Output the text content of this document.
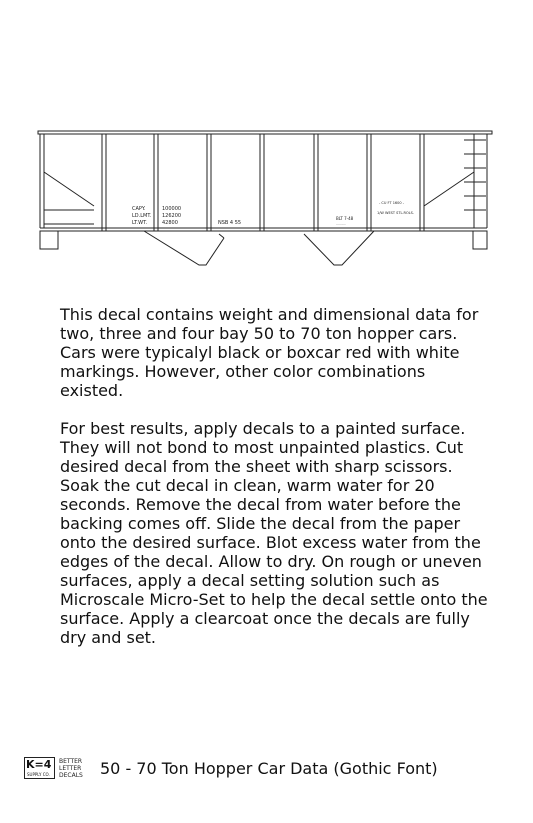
CAPY.
LD.LMT.
LT.WT.
100000
126200
42800	NSB 4 55
BLT 7-48
..........
- CU FT 1600 -
1/W WEST STL.ROLS.

This decal contains weight and dimensional data for two, three and four bay 50 to 70 ton hopper cars. Cars were typicalyl black or boxcar red with white markings. However, other color combinations existed.

For best results, apply decals to a painted surface. They will not bond to most unpainted plastics. Cut desired decal from the sheet with sharp scissors. Soak the cut decal in clean, warm water for 20 seconds. Remove the decal from water before the backing comes off. Slide the decal from the paper onto the desired surface. Blot excess water from the edges of the decal. Allow to dry. On rough or uneven surfaces, apply a decal setting solution such as Microscale Micro-Set to help the decal settle onto the surface. Apply a clearcoat once the decals are fully dry and set.

K=4
SUPPLY CO.
BETTER
LETTER
DECALS 50 - 70 Ton Hopper Car Data (Gothic Font)
